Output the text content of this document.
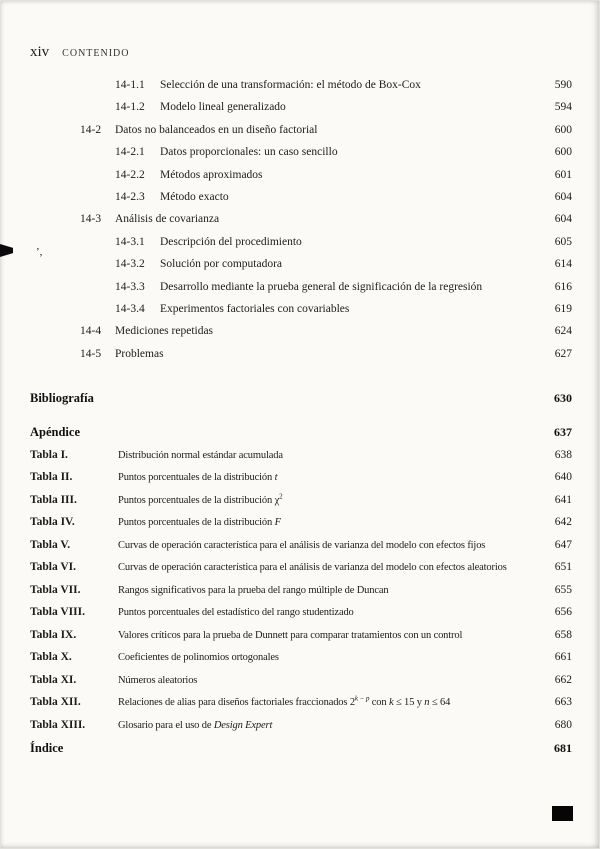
xiv CONTENIDO
14-1.1	Selección de una transformación: el método de Box-Cox	590
14-1.2	Modelo lineal generalizado	594
14-2	Datos no balanceados en un diseño factorial	600
14-2.1	Datos proporcionales: un caso sencillo	600
14-2.2	Métodos aproximados	601
14-2.3	Método exacto	604
14-3	Análisis de covarianza	604
14-3.1	Descripción del procedimiento	605
14-3.2	Solución por computadora	614
14-3.3	Desarrollo mediante la prueba general de significación de la regresión	616
14-3.4	Experimentos factoriales con covariables	619
14-4	Mediciones repetidas	624
14-5	Problemas	627
Bibliografía	630
Apéndice	637
Tabla I.	Distribución normal estándar acumulada	638
Tabla II.	Puntos porcentuales de la distribución t	640
Tabla III.	Puntos porcentuales de la distribución $\chi^2$	641
Tabla IV.	Puntos porcentuales de la distribución F	642
Tabla V.	Curvas de operación característica para el análisis de varianza del modelo con efectos fijos	647
Tabla VI.	Curvas de operación característica para el análisis de varianza del modelo con efectos aleatorios	651
Tabla VII.	Rangos significativos para la prueba del rango múltiple de Duncan	655
Tabla VIII.	Puntos porcentuales del estadístico del rango studentizado	656
Tabla IX.	Valores críticos para la prueba de Dunnett para comparar tratamientos con un control	658
Tabla X.	Coeficientes de polinomios ortogonales	661
Tabla XI.	Números aleatorios	662
Tabla XII.	Relaciones de alias para diseños factoriales fraccionados $2^{k - p}$ con k ≤ 15 y n ≤ 64	663
Tabla XIII.	Glosario para el uso de Design Expert	680
Índice	681
’,
